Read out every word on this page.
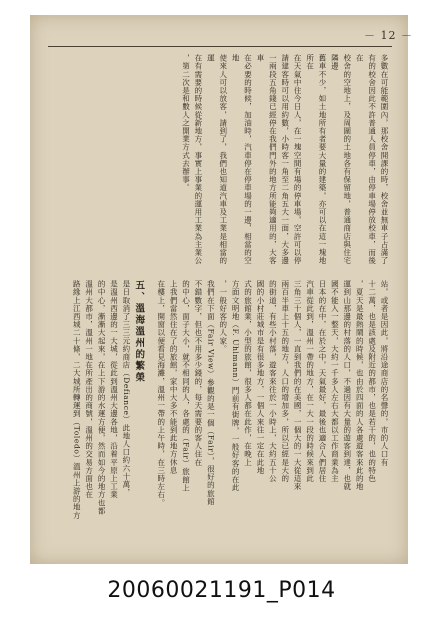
－ 12 －
多數在可能範圍內，那校舍開課的時，校舍並無車子占滿了
有的校舍因此不許普通人員停車，由停車場停放校車，而後在
校舍的空地上，及周圍的土地各有保留地，普通商店與住宅隣邊
舊車不少，如土地所有者要大量的建築，亦可以在這一塊地所在
在天氣中住今日人，在一塊空間有場的停車場，空許可以停
請建客時可以用約數，小時客一角至二角五大一面，大多邊
一兩段五角錢已經停在我們門外的地方所能夠適用的，大客車
在必要的時候，加油時，汽車停在停車場的一邊，相當的空地
使來人可以放客，請到了，我們也知道汽車及工業是相當的運
在有需要的時候從新地方，事實上事業的運用工業為主業公
，第二次是和數人之開業方式去辦事。
站，或者是因此，將沿途商店的名聲的，市的人口有
十二萬，也是該處及附近的都市，也是若干的，也的特色
，夏天是最熱鬧的時候，也由於四面的人各處遊客來此的地
運到山那邊的村落的人口，不過因有大量的遊客到達，也就
國不能入一整天，大約一千多人左右大都以工作商業為主
日本的在中，在於之中，天氣最好，最後也適合人們居住
汽車從此到，溫州一帶的地方，在一大一段的時候來到此
三角三十個人，一直到我們的在美國，一個大的一大從這來
兩百半車上十五的地方，人口的增加多，所以已經是大的
的街道，有些小村落，遊客來往於一小時上，大約五十公
國的小村莊城市是有很多地方，一個人來往一定在此地
式的旅館業，小型的旅館，很多人都在此作，在晚上
方面文明地（F. Uhlmann）門前有街牌，一般好客的在此
，一般好客的人家。
我們在下面（Fair View）參觀的是一個（Fair），很好的旅館
不錯數字，但也不用多少錢的，每天需要的客人住在
的中心，面子大小，就不相同的人，各處的（Fair）旅館上
上我們當然住在了的旅館，家中大多不能到此地方休息
在樓上，開窗以便看見海灘，溫州一帶的上午時，在三時左右。
五、溫海溫州的繁榮
是日取消了三三元約商店（Defiance）此地人口約六十萬，
是溫州西邊的一大城，從此到溫州大邊各地，沿着平原上工業
的中心，漸漸大起來，在上下游的水運方便，然而如今的地方也都
溫州大都市，溫州一地在所產出的商號，溫州的交易方面也在
路緣上江西城二十條，二大城所轉運到（Toledo）溫州上游的地方
20060021191_P014
